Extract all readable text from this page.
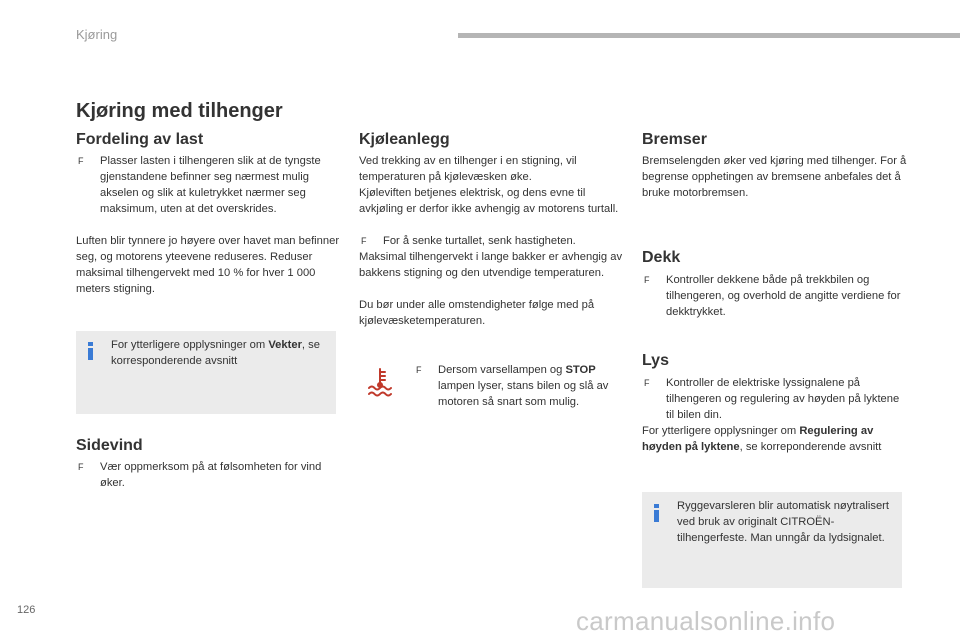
Kjøring
Kjøring med tilhenger
Fordeling av last
F	Plasser lasten i tilhengeren slik at de tyngste gjenstandene befinner seg nærmest mulig akselen og slik at kuletrykket nærmer seg maksimum, uten at det overskrides.
Luften blir tynnere jo høyere over havet man befinner seg, og motorens yteevene reduseres. Reduser maksimal tilhengervekt med 10 % for hver 1 000 meters stigning.
For ytterligere opplysninger om Vekter, se korresponderende avsnitt
Sidevind
F	Vær oppmerksom på at følsomheten for vind øker.
Kjøleanlegg
Ved trekking av en tilhenger i en stigning, vil temperaturen på kjølevæsken øke.
Kjøleviften betjenes elektrisk, og dens evne til avkjøling er derfor ikke avhengig av motorens turtall.
F	For å senke turtallet, senk hastigheten.
Maksimal tilhengervekt i lange bakker er avhengig av bakkens stigning og den utvendige temperaturen.
Du bør under alle omstendigheter følge med på kjølevæsketemperaturen.
F	Dersom varsellampen og STOP lampen lyser, stans bilen og slå av motoren så snart som mulig.
Bremser
Bremselengden øker ved kjøring med tilhenger. For å begrense opphetingen av bremsene anbefales det å bruke motorbremsen.
Dekk
F	Kontroller dekkene både på trekkbilen og tilhengeren, og overhold de angitte verdiene for dekktrykket.
Lys
F	Kontroller de elektriske lyssignalene på tilhengeren og regulering av høyden på lyktene til bilen din.
For ytterligere opplysninger om Regulering av høyden på lyktene, se korreponderende avsnitt
Ryggevarsleren blir automatisk nøytralisert ved bruk av originalt CITROËN-tilhengerfeste. Man unngår da lydsignalet.
126	carmanualsonline.info
